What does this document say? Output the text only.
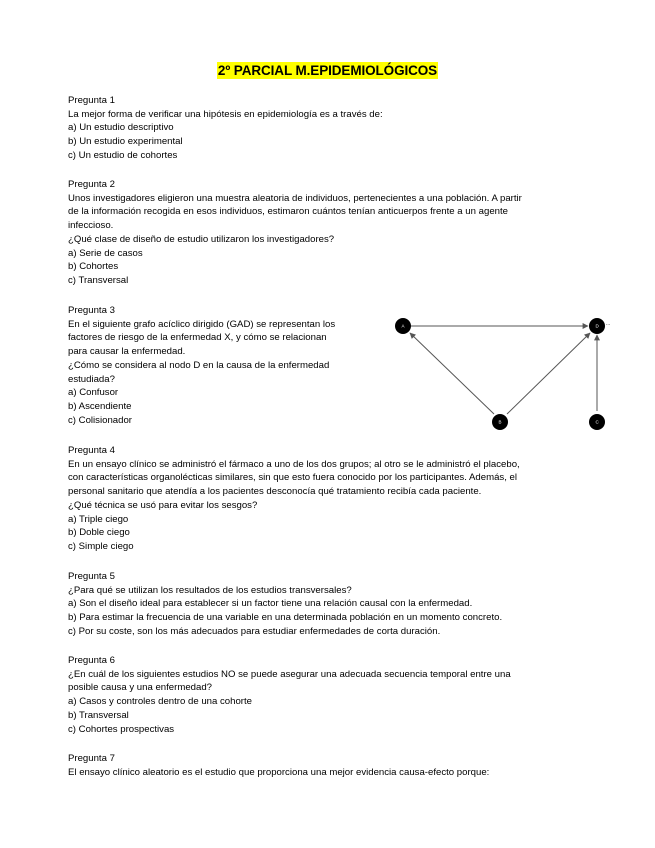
2º PARCIAL M.EPIDEMIOLÓGICOS
Pregunta 1
La mejor forma de verificar una hipótesis en epidemiología es a través de:
a) Un estudio descriptivo
b) Un estudio experimental
c) Un estudio de cohortes
Pregunta 2
Unos investigadores eligieron una muestra aleatoria de individuos, pertenecientes a una población. A partir
de la información recogida en esos individuos, estimaron cuántos tenían anticuerpos frente a un agente
infeccioso.
¿Qué clase de diseño de estudio utilizaron los investigadores?
a) Serie de casos
b) Cohortes
c) Transversal
Pregunta 3
En el siguiente grafo acíclico dirigido (GAD) se representan los
factores de riesgo de la enfermedad X, y cómo se relacionan
para causar la enfermedad.
¿Cómo se considera al nodo D en la causa de la enfermedad
estudiada?
a) Confusor
b) Ascendiente
c) Colisionador
A	D ...
B	C
Pregunta 4
En un ensayo clínico se administró el fármaco a uno de los dos grupos; al otro se le administró el placebo,
con características organolécticas similares, sin que esto fuera conocido por los participantes. Además, el
personal sanitario que atendía a los pacientes desconocía qué tratamiento recibía cada paciente.
¿Qué técnica se usó para evitar los sesgos?
a) Triple ciego
b) Doble ciego
c) Simple ciego
Pregunta 5
¿Para qué se utilizan los resultados de los estudios transversales?
a) Son el diseño ideal para establecer si un factor tiene una relación causal con la enfermedad.
b) Para estimar la frecuencia de una variable en una determinada población en un momento concreto.
c) Por su coste, son los más adecuados para estudiar enfermedades de corta duración.
Pregunta 6
¿En cuál de los siguientes estudios NO se puede asegurar una adecuada secuencia temporal entre una
posible causa y una enfermedad?
a) Casos y controles dentro de una cohorte
b) Transversal
c) Cohortes prospectivas
Pregunta 7
El ensayo clínico aleatorio es el estudio que proporciona una mejor evidencia causa-efecto porque:
